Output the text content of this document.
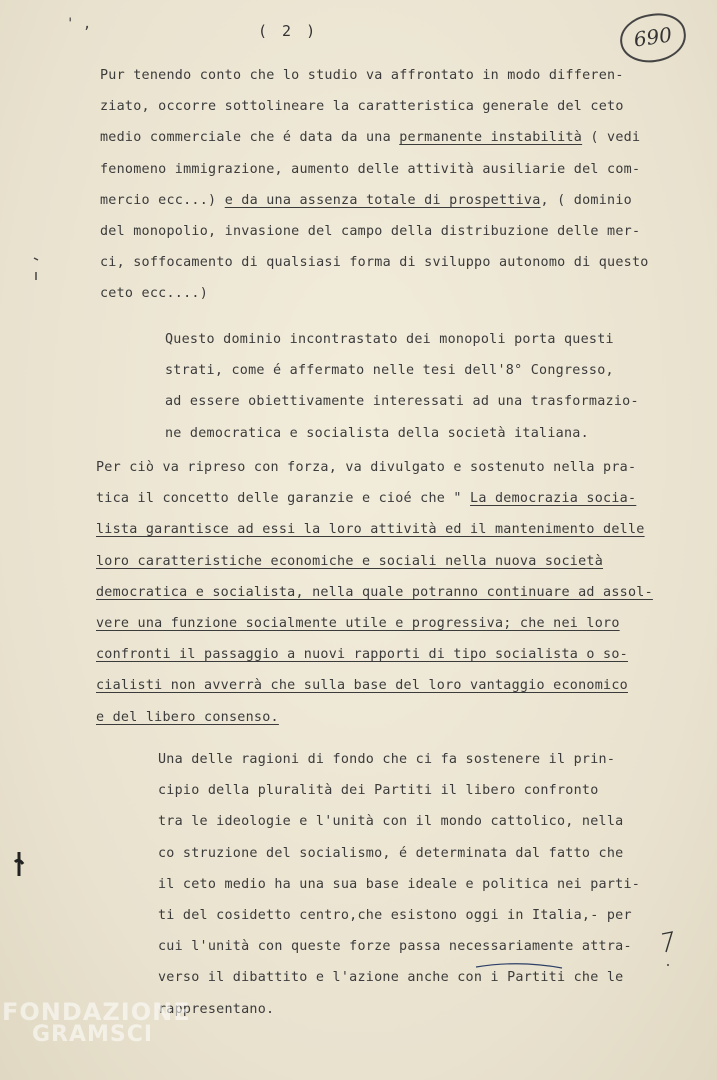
' ,	( 2 )	690

Pur tenendo conto che lo studio va affrontato in modo differen-
ziato, occorre sottolineare la caratteristica generale del ceto
medio commerciale che é data da una permanente instabilità ( vedi
fenomeno immigrazione, aumento delle attività ausiliarie del com-
mercio ecc...) e da una assenza totale di prospettiva, ( dominio
del monopolio, invasione del campo della distribuzione delle mer-
ci, soffocamento di qualsiasi forma di sviluppo autonomo di questo
ceto ecc....)

Questo dominio incontrastato dei monopoli porta questi
strati, come é affermato nelle tesi dell'8° Congresso,
ad essere obiettivamente interessati ad una trasformazio-
ne democratica e socialista della società italiana.

Per ciò va ripreso con forza, va divulgato e sostenuto nella pra-
tica il concetto delle garanzie e cioé che " La democrazia socia-
lista garantisce ad essi la loro attività ed il mantenimento delle
loro caratteristiche economiche e sociali nella nuova società
democratica e socialista, nella quale potranno continuare ad assol-
vere una funzione socialmente utile e progressiva; che nei loro
confronti il passaggio a nuovi rapporti di tipo socialista o so-
cialisti non avverrà che sulla base del loro vantaggio economico
e del libero consenso.

Una delle ragioni di fondo che ci fa sostenere il prin-
cipio della pluralità dei Partiti il libero confronto
tra le ideologie e l'unità con il mondo cattolico, nella
co struzione del socialismo, é determinata dal fatto che
il ceto medio ha una sua base ideale e politica nei parti-
ti del cosidetto centro,che esistono oggi in Italia,- per
cui l'unità con queste forze passa necessariamente attra-
verso il dibattito e l'azione anche con i Partiti che le
rappresentano.

FONDAZIONE
GRAMSCI
